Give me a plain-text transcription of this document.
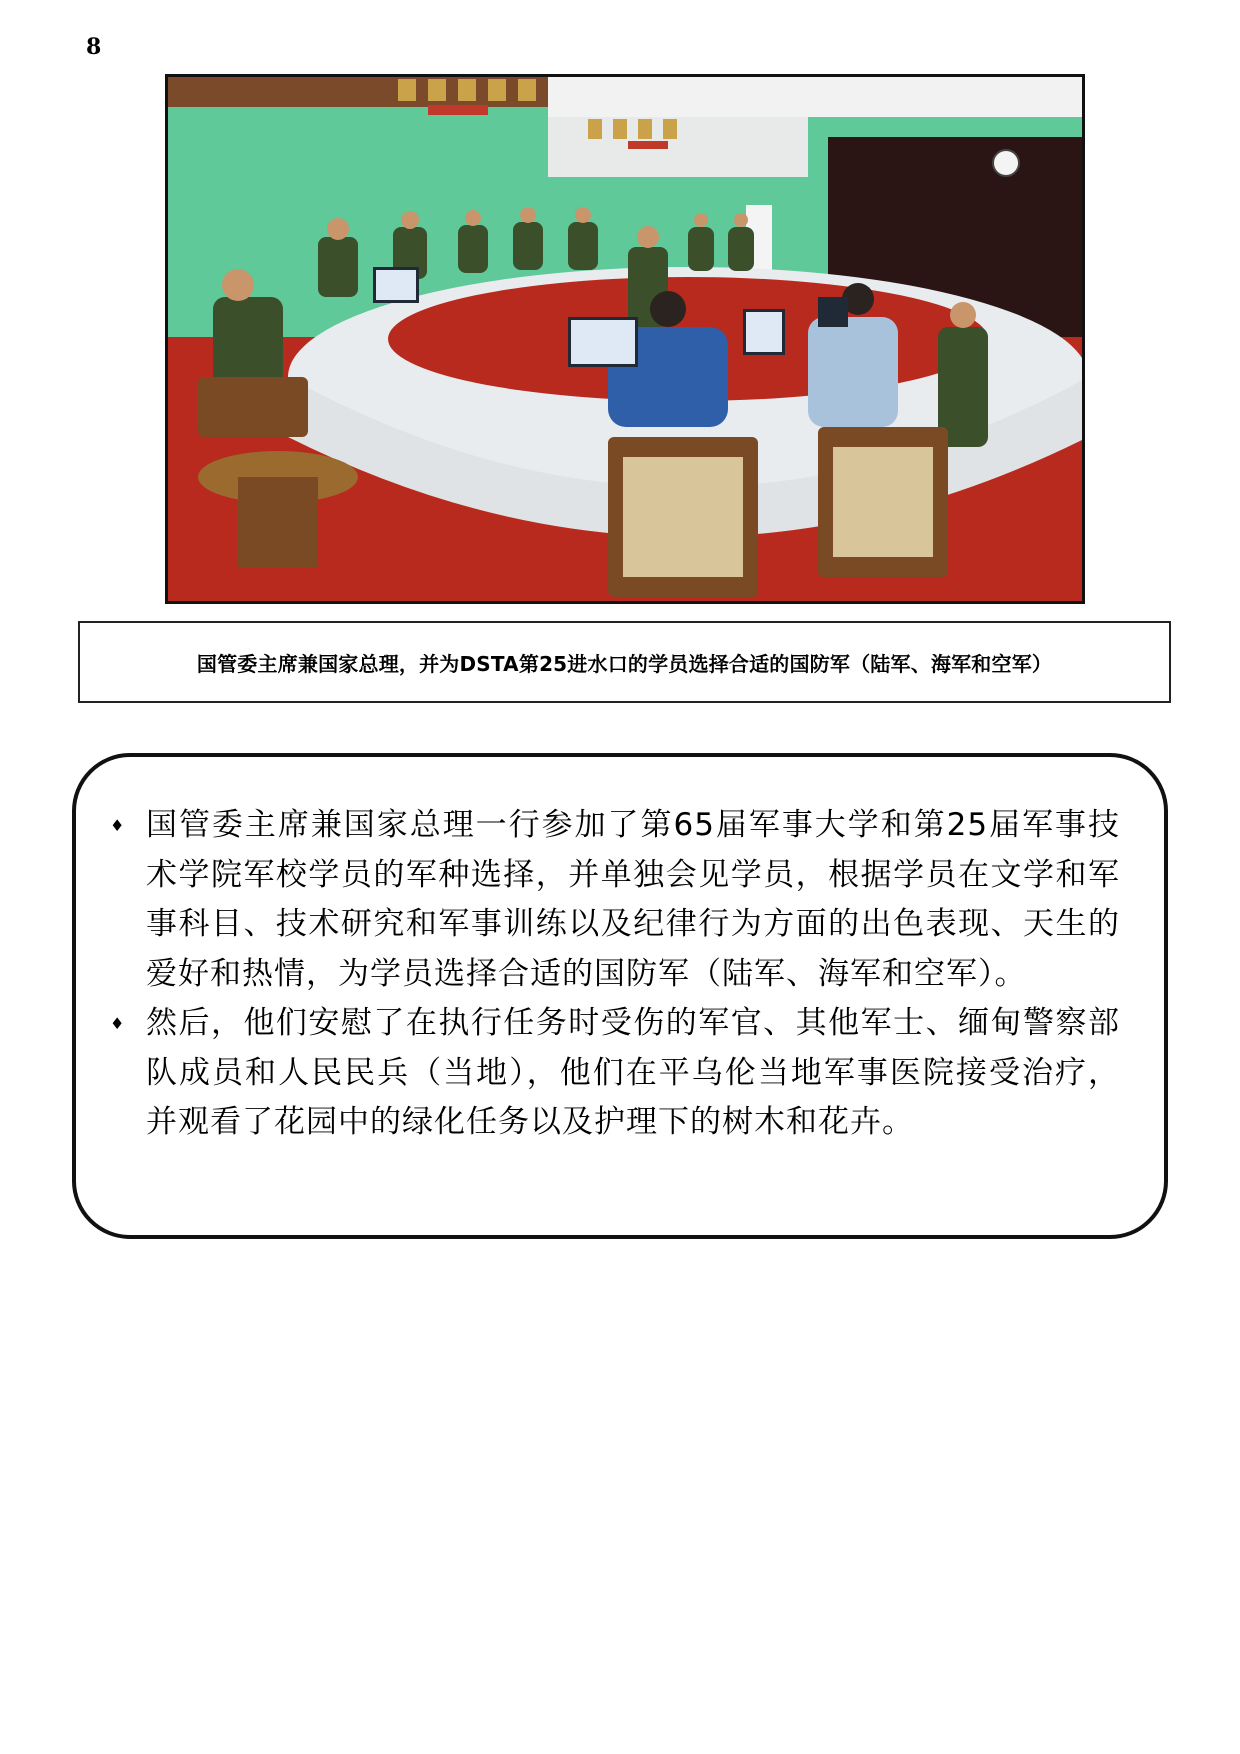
8
国管委主席兼国家总理，并为DSTA第25进水口的学员选择合适的国防军（陆军、海军和空军）
♦ 国管委主席兼国家总理一行参加了第65届军事大学和第25届军事技术学院军校学员的军种选择，并单独会见学员，根据学员在文学和军事科目、技术研究和军事训练以及纪律行为方面的出色表现、天生的爱好和热情，为学员选择合适的国防军（陆军、海军和空军）。
♦ 然后，他们安慰了在执行任务时受伤的军官、其他军士、缅甸警察部队成员和人民民兵（当地），他们在平乌伦当地军事医院接受治疗，并观看了花园中的绿化任务以及护理下的树木和花卉。
